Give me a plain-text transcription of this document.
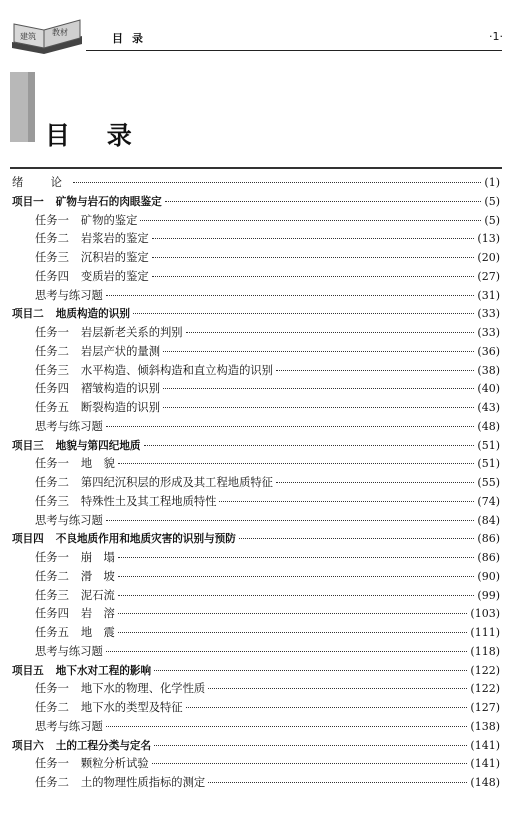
建筑 教材	目录	·1·
目 录
绪　论	(1)
项目一 矿物与岩石的肉眼鉴定	(5)
任务一 矿物的鉴定	(5)
任务二 岩浆岩的鉴定	(13)
任务三 沉积岩的鉴定	(20)
任务四 变质岩的鉴定	(27)
思考与练习题	(31)
项目二 地质构造的识别	(33)
任务一 岩层新老关系的判别	(33)
任务二 岩层产状的量测	(36)
任务三 水平构造、倾斜构造和直立构造的识别	(38)
任务四 褶皱构造的识别	(40)
任务五 断裂构造的识别	(43)
思考与练习题	(48)
项目三 地貌与第四纪地质	(51)
任务一 地　貌	(51)
任务二 第四纪沉积层的形成及其工程地质特征	(55)
任务三 特殊性土及其工程地质特性	(74)
思考与练习题	(84)
项目四 不良地质作用和地质灾害的识别与预防	(86)
任务一 崩　塌	(86)
任务二 滑　坡	(90)
任务三 泥石流	(99)
任务四 岩　溶	(103)
任务五 地　震	(111)
思考与练习题	(118)
项目五 地下水对工程的影响	(122)
任务一 地下水的物理、化学性质	(122)
任务二 地下水的类型及特征	(127)
思考与练习题	(138)
项目六 土的工程分类与定名	(141)
任务一 颗粒分析试验	(141)
任务二 土的物理性质指标的测定	(148)
